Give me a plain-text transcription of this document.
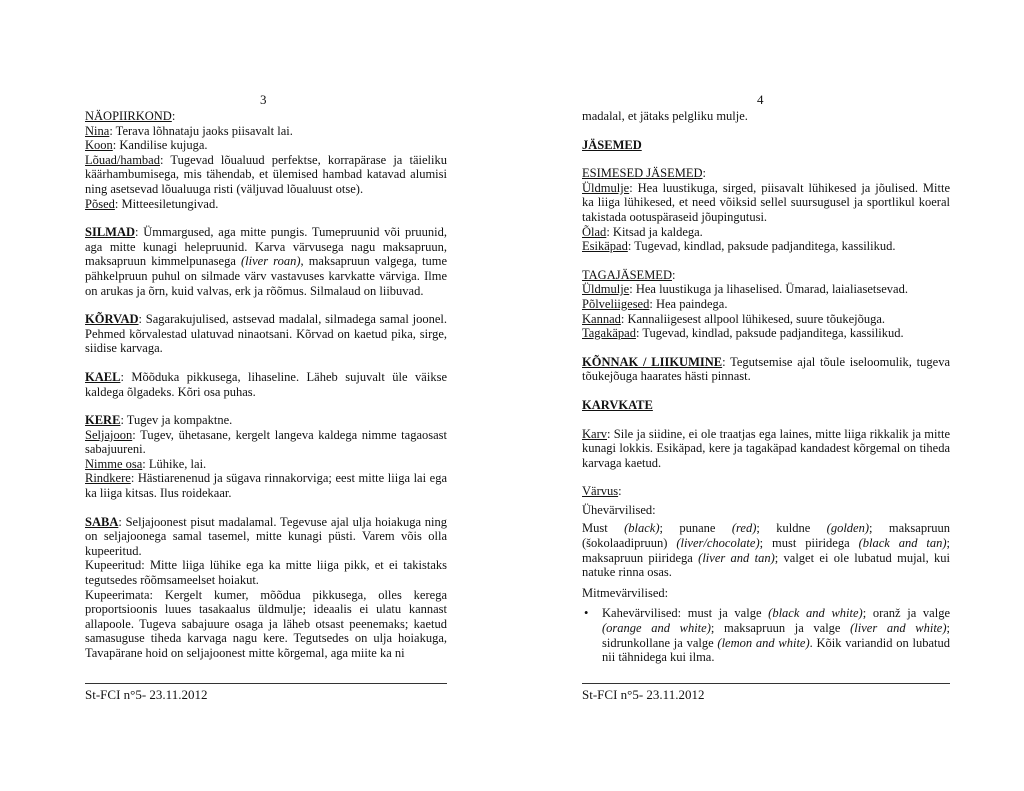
3

NÄOPIIRKOND:

Nina: Terava lõhnataju jaoks piisavalt lai.

Koon: Kandilise kujuga.

Lõuad/hambad: Tugevad lõualuud perfektse, korrapärase ja täieliku käärhambumisega, mis tähendab, et ülemised hambad katavad alumisi ning asetsevad lõualuuga risti (väljuvad lõualuust otse).

Põsed: Mitteesiletungivad.

SILMAD: Ümmargused, aga mitte pungis. Tumepruunid või pruunid, aga mitte kunagi helepruunid. Karva värvusega nagu maksapruun, maksapruun kimmelpunasega (liver roan), maksapruun valgega, tume pähkelpruun puhul on silmade värv vastavuses karvkatte värviga. Ilme on arukas ja õrn, kuid valvas, erk ja rõõmus. Silmalaud on liibuvad.

KÕRVAD: Sagarakujulised, astsevad madalal, silmadega samal joonel. Pehmed kõrvalestad ulatuvad ninaotsani. Kõrvad on kaetud pika, sirge, siidise karvaga.

KAEL: Mõõduka pikkusega, lihaseline. Läheb sujuvalt üle väikse kaldega õlgadeks. Kõri osa puhas.

KERE: Tugev ja kompaktne.

Seljajoon: Tugev, ühetasane, kergelt langeva kaldega nimme tagaosast sabajuureni.

Nimme osa: Lühike, lai.

Rindkere: Hästiarenenud ja sügava rinnakorviga; eest mitte liiga lai ega ka liiga kitsas. Ilus roidekaar.

SABA: Seljajoonest pisut madalamal. Tegevuse ajal ulja hoiakuga ning on seljajoonega samal tasemel, mitte kunagi püsti. Varem võis olla kupeeritud.

Kupeeritud: Mitte liiga lühike ega ka mitte liiga pikk, et ei takistaks tegutsedes rõõmsameelset hoiakut.

Kupeerimata: Kergelt kumer, mõõdua pikkusega, olles kerega proportsioonis luues tasakaalus üldmulje; ideaalis ei ulatu kannast allapoole. Tugeva sabajuure osaga ja läheb otsast peenemaks; kaetud samasuguse tiheda karvaga nagu kere. Tegutsedes on ulja hoiakuga, Tavapärane hoid on seljajoonest mitte kõrgemal, aga miite ka ni

St-FCI n°5- 23.11.2012
4

madalal, et jätaks pelgliku mulje.

JÄSEMED

ESIMESED JÄSEMED:

Üldmulje: Hea luustikuga, sirged, piisavalt lühikesed ja jõulised. Mitte ka liiga lühikesed, et need võiksid sellel suursugusel ja sportlikul koeral takistada ootuspäraseid jõupingutusi.

Õlad: Kitsad ja kaldega.

Esikäpad: Tugevad, kindlad, paksude padjanditega, kassilikud.

TAGAJÄSEMED:

Üldmulje: Hea luustikuga ja lihaselised. Ümarad, laialiasetsevad.

Põlveliigesed: Hea paindega.

Kannad: Kannaliigesest allpool lühikesed, suure tõukejõuga.

Tagakäpad: Tugevad, kindlad, paksude padjanditega, kassilikud.

KÕNNAK / LIIKUMINE: Tegutsemise ajal tõule iseloomulik, tugeva tõukejõuga haarates hästi pinnast.

KARVKATE

Karv: Sile ja siidine, ei ole traatjas ega laines, mitte liiga rikkalik ja mitte kunagi lokkis. Esikäpad, kere ja tagakäpad kandadest kõrgemal on tiheda karvaga kaetud.

Värvus:

Ühevärvilised:

Must (black); punane (red); kuldne (golden); maksapruun (šokolaadipruun) (liver/chocolate); must piiridega (black and tan); maksapruun piiridega (liver and tan); valget ei ole lubatud mujal, kui natuke rinna osas.

Mitmevärvilised:

• Kahevärvilised: must ja valge (black and white); oranž ja valge (orange and white); maksapruun ja valge (liver and white); sidrunkollane ja valge (lemon and white). Kõik variandid on lubatud nii tähnidega kui ilma.

St-FCI n°5- 23.11.2012
